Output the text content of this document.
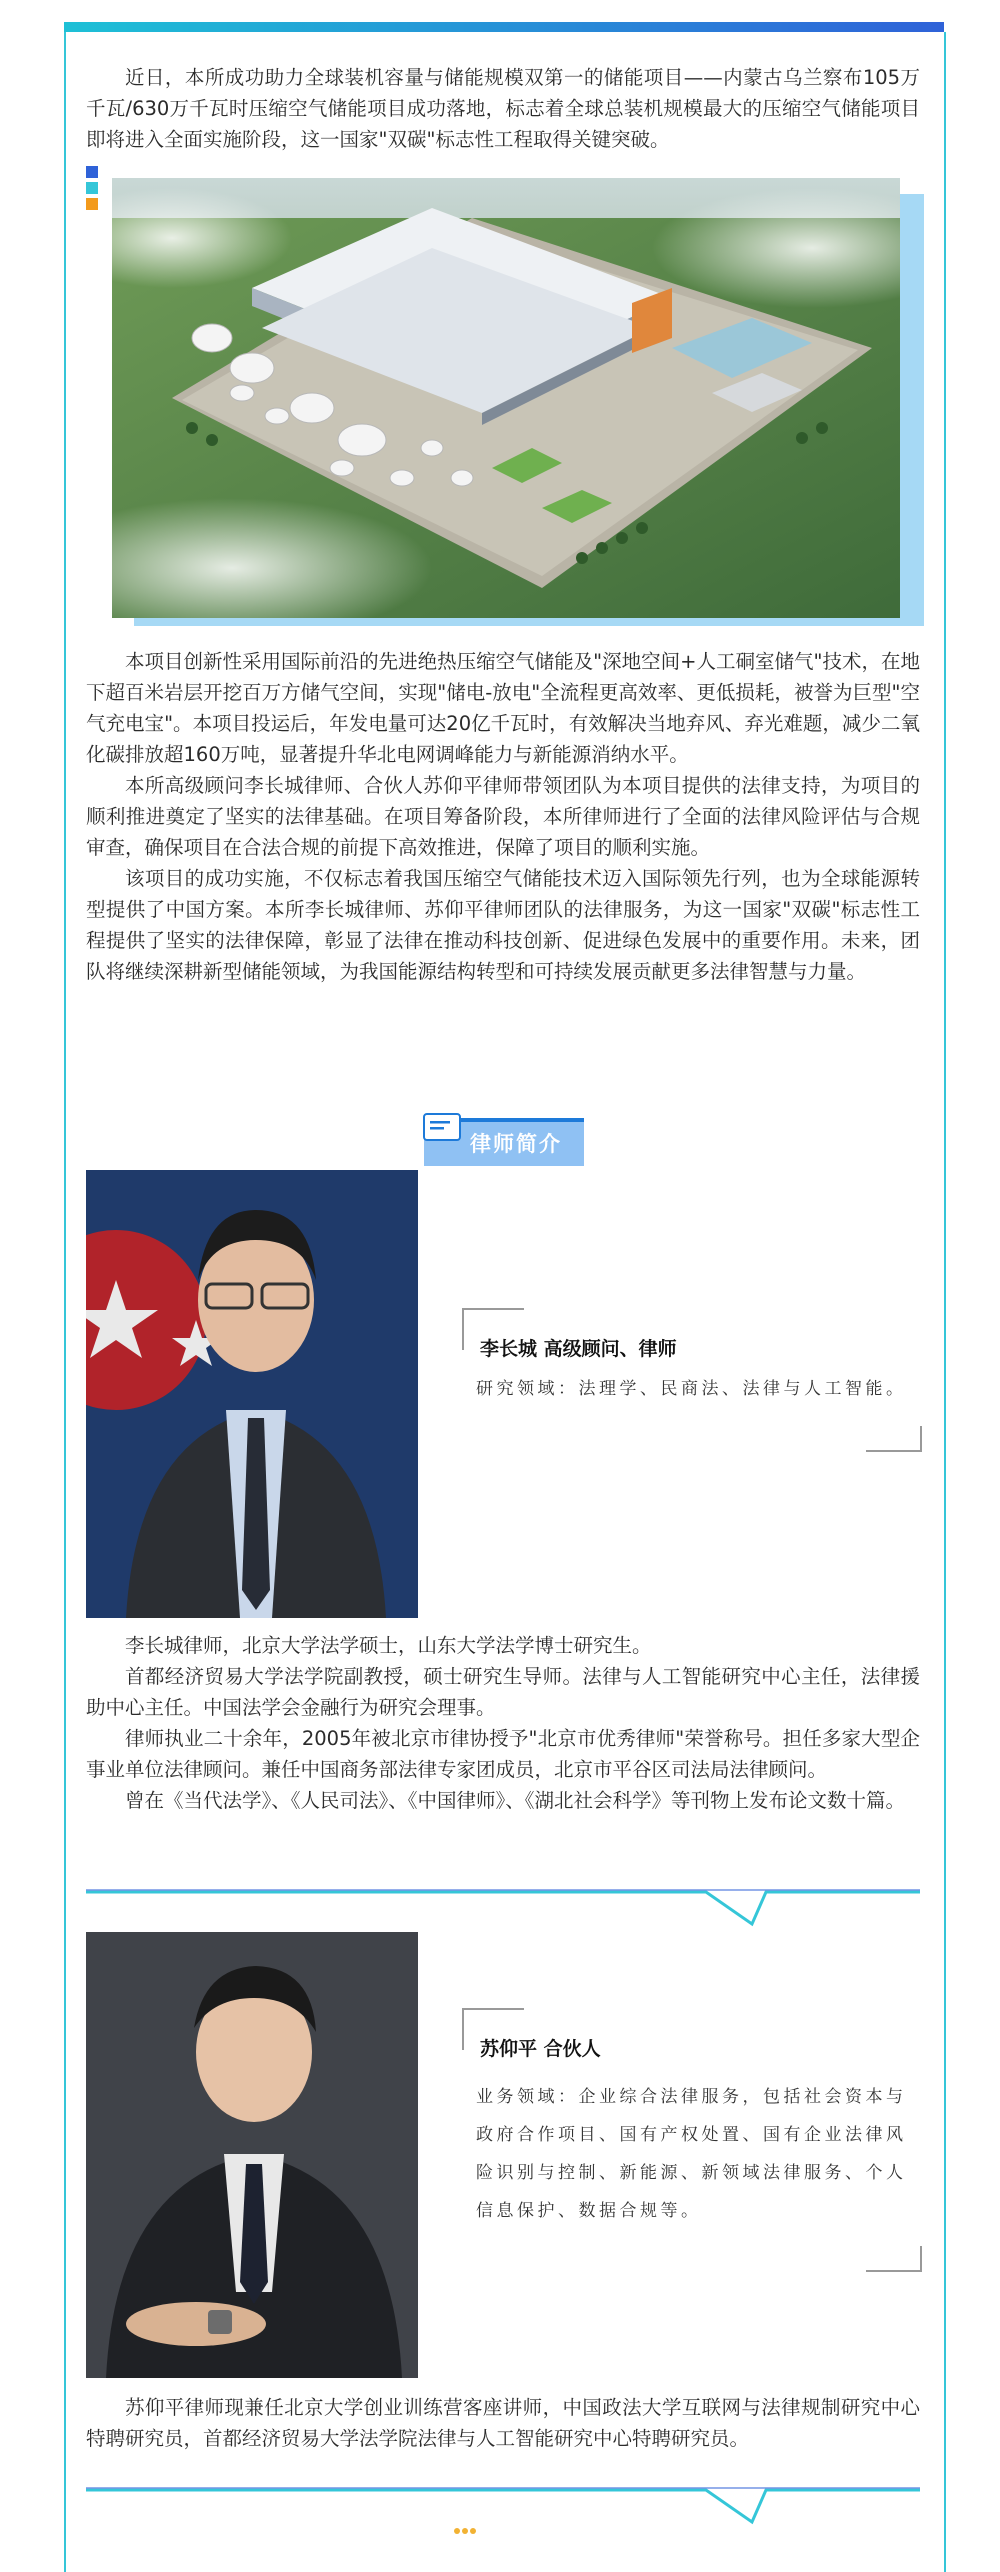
近日，本所成功助力全球装机容量与储能规模双第一的储能项目——内蒙古乌兰察布105万千瓦/630万千瓦时压缩空气储能项目成功落地，标志着全球总装机规模最大的压缩空气储能项目即将进入全面实施阶段，这一国家"双碳"标志性工程取得关键突破。

本项目创新性采用国际前沿的先进绝热压缩空气储能及"深地空间+人工硐室储气"技术，在地下超百米岩层开挖百万方储气空间，实现"储电-放电"全流程更高效率、更低损耗，被誉为巨型"空气充电宝"。本项目投运后，年发电量可达20亿千瓦时，有效解决当地弃风、弃光难题，减少二氧化碳排放超160万吨，显著提升华北电网调峰能力与新能源消纳水平。

本所高级顾问李长城律师、合伙人苏仰平律师带领团队为本项目提供的法律支持，为项目的顺利推进奠定了坚实的法律基础。在项目筹备阶段，本所律师进行了全面的法律风险评估与合规审查，确保项目在合法合规的前提下高效推进，保障了项目的顺利实施。

该项目的成功实施，不仅标志着我国压缩空气储能技术迈入国际领先行列，也为全球能源转型提供了中国方案。本所李长城律师、苏仰平律师团队的法律服务，为这一国家"双碳"标志性工程提供了坚实的法律保障，彰显了法律在推动科技创新、促进绿色发展中的重要作用。未来，团队将继续深耕新型储能领域，为我国能源结构转型和可持续发展贡献更多法律智慧与力量。

律师简介
李长城 高级顾问、律师
研究领域：法理学、民商法、法律与人工智能。

李长城律师，北京大学法学硕士，山东大学法学博士研究生。

首都经济贸易大学法学院副教授，硕士研究生导师。法律与人工智能研究中心主任，法律援助中心主任。中国法学会金融行为研究会理事。

律师执业二十余年，2005年被北京市律协授予"北京市优秀律师"荣誉称号。担任多家大型企事业单位法律顾问。兼任中国商务部法律专家团成员，北京市平谷区司法局法律顾问。

曾在《当代法学》、《人民司法》、《中国律师》、《湖北社会科学》等刊物上发布论文数十篇。

苏仰平 合伙人
业务领域：企业综合法律服务，包括社会资本与政府合作项目、国有产权处置、国有企业法律风险识别与控制、新能源、新领域法律服务、个人信息保护、数据合规等。

苏仰平律师现兼任北京大学创业训练营客座讲师，中国政法大学互联网与法律规制研究中心特聘研究员，首都经济贸易大学法学院法律与人工智能研究中心特聘研究员。
